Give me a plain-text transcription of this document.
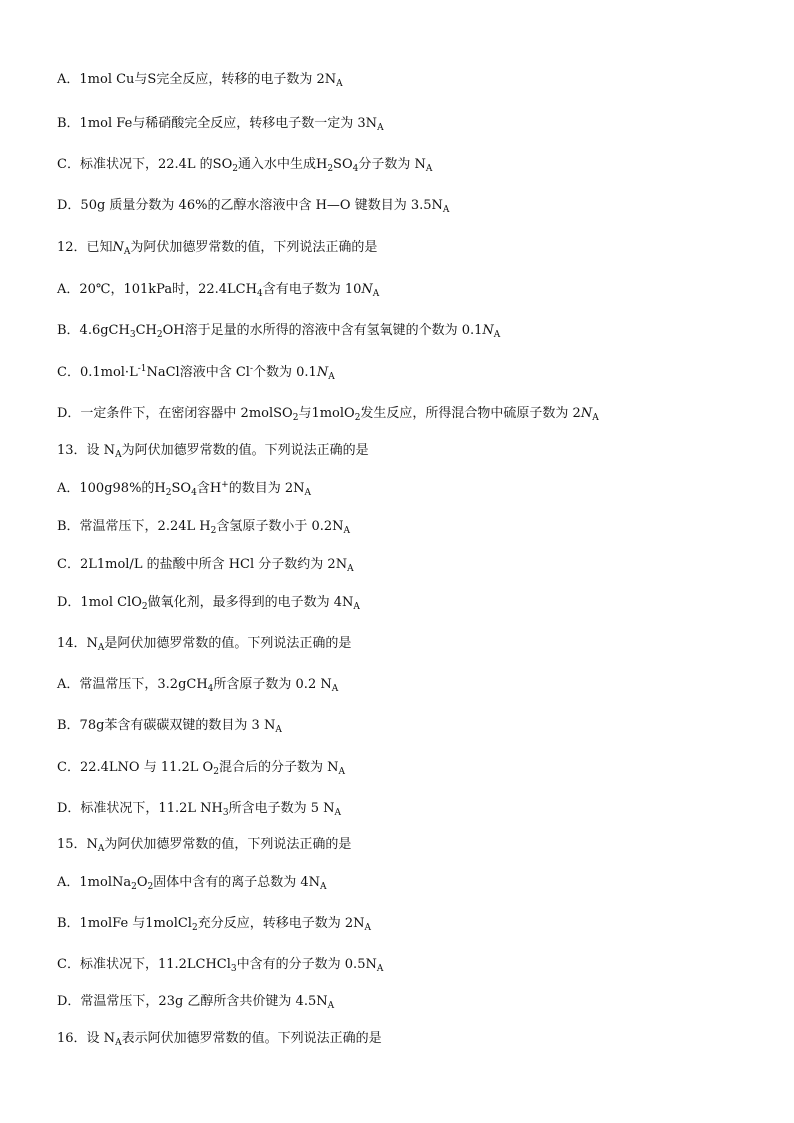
A．1mol Cu与S完全反应，转移的电子数为 $2N_A$
B．1mol Fe与稀硝酸完全反应，转移电子数一定为 $3N_A$
C．标准状况下，22.4L 的$SO_2$通入水中生成$H_2SO_4$分子数为 $N_A$
D．50g 质量分数为 46%的乙醇水溶液中含 H—O 键数目为 $3.5N_A$
12．已知$N_A$为阿伏加德罗常数的值，下列说法正确的是
A．20℃，101kPa时，$22.4LCH_4$含有电子数为 $10N_A$
B．$4.6gCH_3CH_2OH$溶于足量的水所得的溶液中含有氢氧键的个数为 $0.1N_A$
C．$0.1mol\cdot L^{-1}NaCl$溶液中含 Cl-个数为 $0.1N_A$
D．一定条件下，在密闭容器中 2molSO$_2$与1molO$_2$发生反应，所得混合物中硫原子数为 $2N_A$
13．设 $N_A$为阿伏加德罗常数的值。下列说法正确的是
A．100g98%的$H_2SO_4$含H+的数目为 $2N_A$
B．常温常压下，2.24L $H_2$含氢原子数小于 $0.2N_A$
C．2L1mol/L 的盐酸中所含 HCl 分子数约为 $2N_A$
D．1mol ClO$_2$做氧化剂，最多得到的电子数为 $4N_A$
14．$N_A$是阿伏加德罗常数的值。下列说法正确的是
A．常温常压下，3.2gCH$_4$所含原子数为 0.2 $N_A$
B．78g苯含有碳碳双键的数目为 3 $N_A$
C．22.4LNO 与 11.2L $O_2$混合后的分子数为 $N_A$
D．标准状况下，11.2L $NH_3$所含电子数为 5 $N_A$
15．$N_A$为阿伏加德罗常数的值，下列说法正确的是
A．$1molNa_2O_2$固体中含有的离子总数为 $4N_A$
B．1molFe 与1molCl$_2$充分反应，转移电子数为 $2N_A$
C．标准状况下，11.2LCHCl$_3$中含有的分子数为 $0.5N_A$
D．常温常压下，23g 乙醇所含共价键为 $4.5N_A$
16．设 $N_A$表示阿伏加德罗常数的值。下列说法正确的是
